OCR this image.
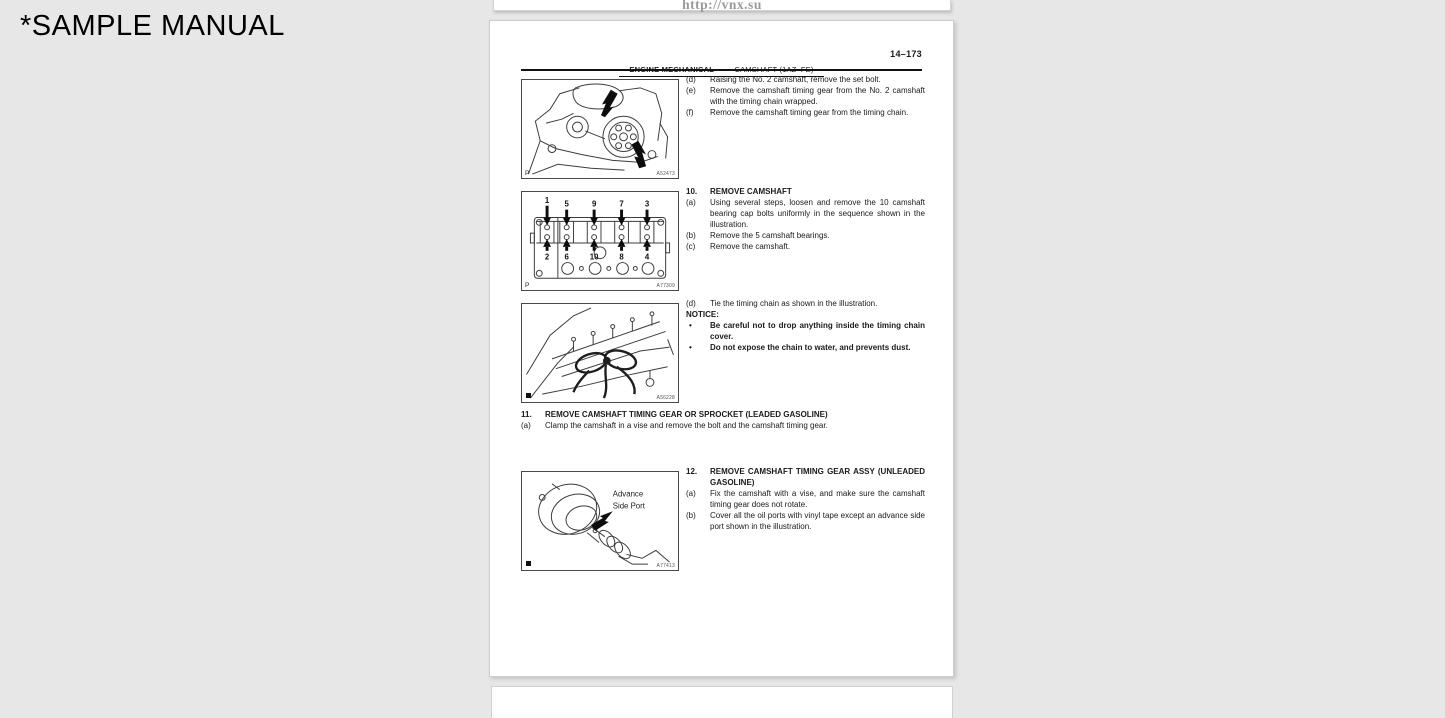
*SAMPLE MANUAL
http://vnx.su
14–173
P	A52473
(d)	Raising the No. 2 camshaft, remove the set bolt.
(e)	Remove the camshaft timing gear from the No. 2 camshaft with the timing chain wrapped.
(f)	Remove the camshaft timing gear from the timing chain.
1 5	9	7	3
2 6	10	8	4
P	A77309
10.	REMOVE CAMSHAFT
(a)	Using several steps, loosen and remove the 10 camshaft bearing cap bolts uniformly in the sequence shown in the illustration.
(b)	Remove the 5 camshaft bearings.
(c)	Remove the camshaft.
A56228
(d)	Tie the timing chain as shown in the illustration.
NOTICE:
•	Be careful not to drop anything inside the timing chain cover.
•	Do not expose the chain to water, and prevents dust.
11.	REMOVE CAMSHAFT TIMING GEAR OR SPROCKET (LEADED GASOLINE)
(a)	Clamp the camshaft in a vise and remove the bolt and the camshaft timing gear.
Advance
Side Port
A77413
12.	REMOVE CAMSHAFT TIMING GEAR ASSY (UNLEADED GASOLINE)
(a)	Fix the camshaft with a vise, and make sure the camshaft timing gear does not rotate.
(b)	Cover all the oil ports with vinyl tape except an advance side port shown in the illustration.
